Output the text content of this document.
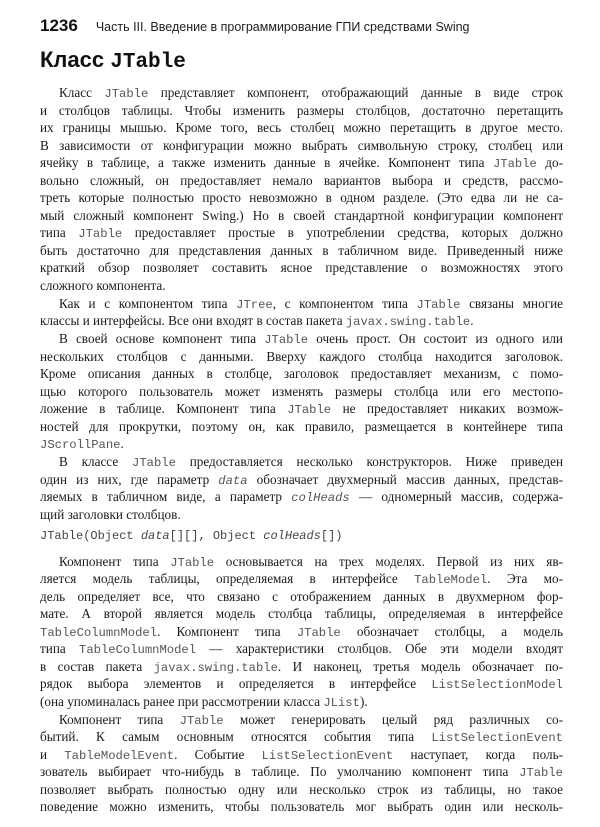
1236 Часть III. Введение в программирование ГПИ средствами Swing
Класс JTable
Класс JTable представляет компонент, отображающий данные в виде строк
и столбцов таблицы. Чтобы изменить размеры столбцов, достаточно перетащить
их границы мышью. Кроме того, весь столбец можно перетащить в другое место.
В зависимости от конфигурации можно выбрать символьную строку, столбец или
ячейку в таблице, а также изменить данные в ячейке. Компонент типа JTable до-
вольно сложный, он предоставляет немало вариантов выбора и средств, рассмо-
треть которые полностью просто невозможно в одном разделе. (Это едва ли не са-
мый сложный компонент Swing.) Но в своей стандартной конфигурации компонент
типа JTable предоставляет простые в употреблении средства, которых должно
быть достаточно для представления данных в табличном виде. Приведенный ниже
краткий обзор позволяет составить ясное представление о возможностях этого
сложного компонента.
Как и с компонентом типа JTree, с компонентом типа JTable связаны многие
классы и интерфейсы. Все они входят в состав пакета javax.swing.table.
В своей основе компонент типа JTable очень прост. Он состоит из одного или
нескольких столбцов с данными. Вверху каждого столбца находится заголовок.
Кроме описания данных в столбце, заголовок предоставляет механизм, с помо-
щью которого пользователь может изменять размеры столбца или его местопо-
ложение в таблице. Компонент типа JTable не предоставляет никаких возмож-
ностей для прокрутки, поэтому он, как правило, размещается в контейнере типа
JScrollPane.
В классе JTable предоставляется несколько конструкторов. Ниже приведен
один из них, где параметр data обозначает двухмерный массив данных, представ-
ляемых в табличном виде, а параметр colHeads — одномерный массив, содержа-
щий заголовки столбцов.
JTable(Object data[][], Object colHeads[])
Компонент типа JTable основывается на трех моделях. Первой из них яв-
ляется модель таблицы, определяемая в интерфейсе TableModel. Эта мо-
дель определяет все, что связано с отображением данных в двухмерном фор-
мате. А второй является модель столбца таблицы, определяемая в интерфейсе
TableColumnModel. Компонент типа JTable обозначает столбцы, а модель
типа TableColumnModel — характеристики столбцов. Обе эти модели входят
в состав пакета javax.swing.table. И наконец, третья модель обозначает по-
рядок выбора элементов и определяется в интерфейсе ListSelectionModel
(она упоминалась ранее при рассмотрении класса JList).
Компонент типа JTable может генерировать целый ряд различных со-
бытий. К самым основным относятся события типа ListSelectionEvent
и TableModelEvent. Событие ListSelectionEvent наступает, когда поль-
зователь выбирает что-нибудь в таблице. По умолчанию компонент типа JTable
позволяет выбрать полностью одну или несколько строк из таблицы, но такое
поведение можно изменить, чтобы пользователь мог выбрать один или несколь-
